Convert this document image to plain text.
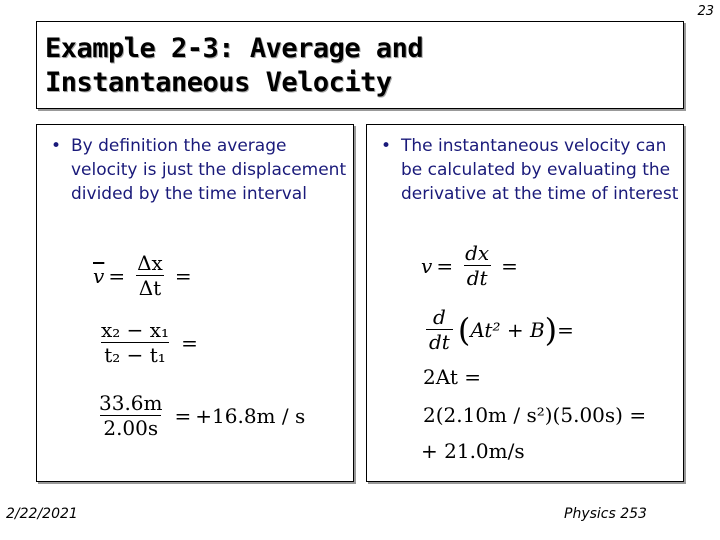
23
Example 2-3: Average and
Instantaneous Velocity
• By definition the average velocity is just the displacement divided by the time interval
$\overline{v} = \frac{\Delta x}{\Delta t}$ =
$\frac{\text{x₂ − x₁}}{\text{t₂ − t₁}}$ =
$\frac{33.6m}{2.00s} = +16.8m / s$
• The instantaneous velocity can be calculated by evaluating the derivative at the time of interest
$v = \frac{dx}{dt}$ =
$\frac{d}{dt}$ ( At² + B ) =
2At =
2(2.10m / s²)(5.00s) =
+ 21.0m/s
2/22/2021	Physics 253
